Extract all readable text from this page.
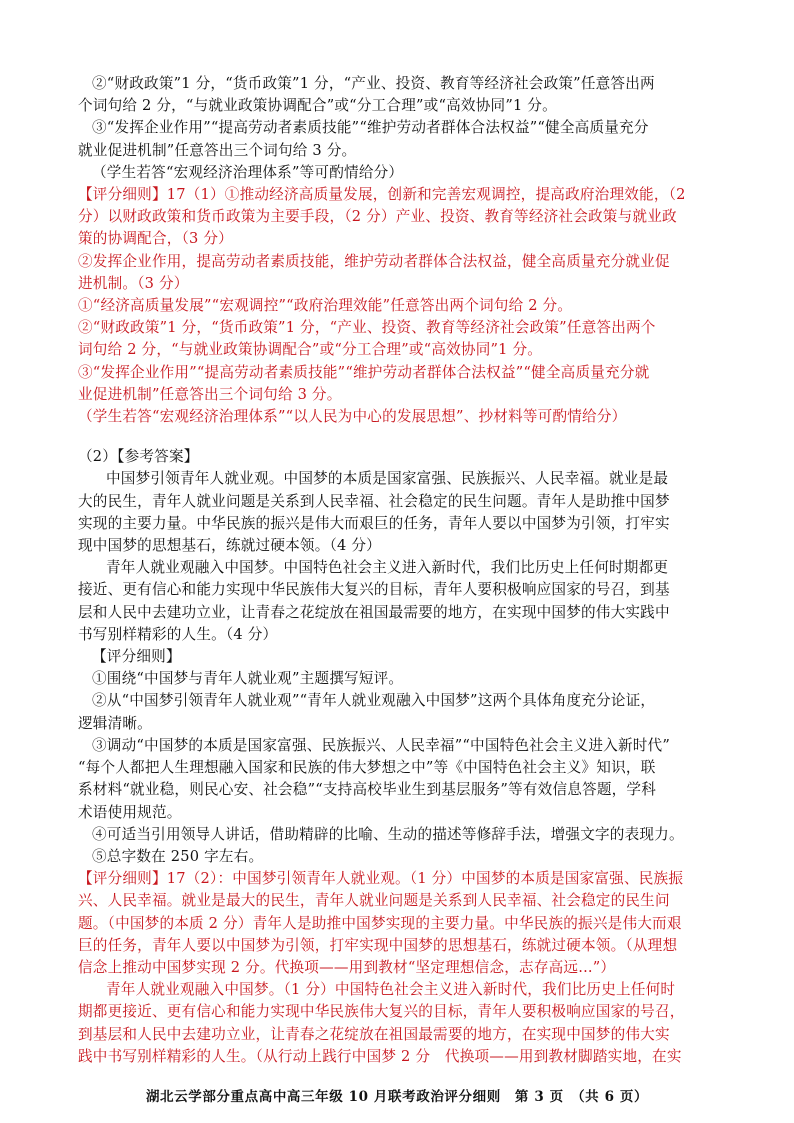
②“财政政策”1 分，“货币政策”1 分，“产业、投资、教育等经济社会政策”任意答出两
个词句给 2 分，“与就业政策协调配合”或“分工合理”或“高效协同”1 分。
③“发挥企业作用”“提高劳动者素质技能”“维护劳动者群体合法权益”“健全高质量充分
就业促进机制”任意答出三个词句给 3 分。
（学生若答“宏观经济治理体系”等可酌情给分）
【评分细则】17（1）①推动经济高质量发展，创新和完善宏观调控，提高政府治理效能，（2
分）以财政政策和货币政策为主要手段，（2 分）产业、投资、教育等经济社会政策与就业政
策的协调配合，（3 分）
②发挥企业作用，提高劳动者素质技能，维护劳动者群体合法权益，健全高质量充分就业促
进机制。（3 分）
①“经济高质量发展”“宏观调控”“政府治理效能”任意答出两个词句给 2 分。
②“财政政策”1 分，“货币政策”1 分，“产业、投资、教育等经济社会政策”任意答出两个
词句给 2 分，“与就业政策协调配合”或“分工合理”或“高效协同”1 分。
③“发挥企业作用”“提高劳动者素质技能”“维护劳动者群体合法权益”“健全高质量充分就
业促进机制”任意答出三个词句给 3 分。
（学生若答“宏观经济治理体系”“以人民为中心的发展思想”、抄材料等可酌情给分）
（2）【参考答案】
中国梦引领青年人就业观。中国梦的本质是国家富强、民族振兴、人民幸福。就业是最
大的民生，青年人就业问题是关系到人民幸福、社会稳定的民生问题。青年人是助推中国梦
实现的主要力量。中华民族的振兴是伟大而艰巨的任务，青年人要以中国梦为引领，打牢实
现中国梦的思想基石，练就过硬本领。（4 分）
青年人就业观融入中国梦。中国特色社会主义进入新时代，我们比历史上任何时期都更
接近、更有信心和能力实现中华民族伟大复兴的目标，青年人要积极响应国家的号召，到基
层和人民中去建功立业，让青春之花绽放在祖国最需要的地方，在实现中国梦的伟大实践中
书写别样精彩的人生。（4 分）
【评分细则】
①围绕“中国梦与青年人就业观”主题撰写短评。
②从“中国梦引领青年人就业观”“青年人就业观融入中国梦”这两个具体角度充分论证，
逻辑清晰。
③调动“中国梦的本质是国家富强、民族振兴、人民幸福”“中国特色社会主义进入新时代”
“每个人都把人生理想融入国家和民族的伟大梦想之中”等《中国特色社会主义》知识，联
系材料“就业稳，则民心安、社会稳”“支持高校毕业生到基层服务”等有效信息答题，学科
术语使用规范。
④可适当引用领导人讲话，借助精辟的比喻、生动的描述等修辞手法，增强文字的表现力。
⑤总字数在 250 字左右。
【评分细则】17（2）：中国梦引领青年人就业观。（1 分）中国梦的本质是国家富强、民族振
兴、人民幸福。就业是最大的民生，青年人就业问题是关系到人民幸福、社会稳定的民生问
题。（中国梦的本质 2 分）青年人是助推中国梦实现的主要力量。中华民族的振兴是伟大而艰
巨的任务，青年人要以中国梦为引领，打牢实现中国梦的思想基石，练就过硬本领。（从理想
信念上推动中国梦实现 2 分。代换项——用到教材“坚定理想信念，志存高远...”）
青年人就业观融入中国梦。（1 分）中国特色社会主义进入新时代，我们比历史上任何时
期都更接近、更有信心和能力实现中华民族伟大复兴的目标，青年人要积极响应国家的号召，
到基层和人民中去建功立业，让青春之花绽放在祖国最需要的地方，在实现中国梦的伟大实
践中书写别样精彩的人生。（从行动上践行中国梦 2 分　代换项——用到教材脚踏实地，在实
湖北云学部分重点高中高三年级 10 月联考政治评分细则　第 3 页　（共 6 页）
